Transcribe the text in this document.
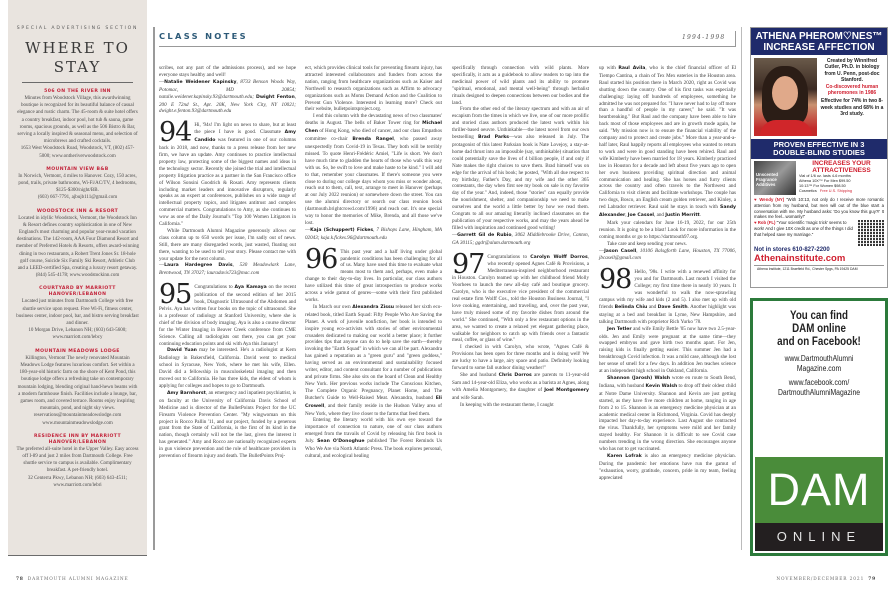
SPECIAL ADVERTISING SECTION
WHERE TO
STAY
506 ON THE RIVER INN
Minutes from Woodstock Village, this awardwinning boutique is recognized for its beautiful balance of casual elegance and rustic charm. The 45-room & suite hotel offers a country breakfast, indoor pool, hot tub & sauna, game rooms, spacious grounds, as well as the 506 Bistro & Bar, serving a locally inspired & seasonal menu, and selection of microbrews and crafted cocktails.
1653 West Woodstock Road, Woodstock, VT, (802) 457-5000; www.ontheriverwoodstock.com
MOUNTAIN VIEW B&B
In Norwich, Vermont, 4 miles to Hanover. Cozy, 150 acres, pond, trails, private bathrooms, Wi-Fi/AC/TV, 4 bedrooms, $125-$300/night/BB.
(603) 667-7791, ajbujb111@gmail.com
WOODSTOCK INN & RESORT
Located in idyllic Woodstock, Vermont, the Woodstock Inn & Resort defines country sophistication in one of New England's most charming and popular year-round vacation destinations. The 142-room, AAA Four Diamond Resort and member of Preferred Hotels & Resorts, offers award-winning dining in two restaurants, a Robert Trent Jones Sr. 18-hole golf course, Suicide Six Family Ski Resort, Athletic Club and a LEED-certified Spa, creating a luxury resort getaway.
(844) 545-4178; www.woodstockinn.com
COURTYARD BY MARRIOTT HANOVER/LEBANON
Located just minutes from Dartmouth College with free shuttle service upon request. Free Wi-Fi, fitness center, business center, indoor pool, bar, and bistro serving breakfast and dinner.
10 Morgan Drive, Lebanon NH; (603) 643-5600; www.marriott.com/lebcy
MOUNTAIN MEADOWS LODGE
Killington, Vermont The newly renovated Mountain Meadows Lodge features luxurious comfort. Set within a 180-year-old historic farm on the shore of Kent Pond, this boutique lodge offers a refreshing take on contemporary mountain lodging, blending original hand-hewn beams with a modern farmhouse finish. Facilities include a lounge, bar, games room, and covered terrace. Rooms enjoy inspiring mountain, pond, and night sky views.
reservations@mountainmeadowslodge.com www.mountainmeadowslodge.com
RESIDENCE INN BY MARRIOTT HANOVER/LEBANON
The preferred all-suite hotel in the Upper Valley. Easy access off I-89 and just 2 miles from Dartmouth College. Free shuttle service to campus is available. Complimentary breakfast. A pet-friendly hotel.
32 Centerra Pkwy, Lebanon NH; (603) 643-4511; www.marriott.com/lebri
78 DARTMOUTH ALUMNI MAGAZINE	NOVEMBER/DECEMBER 2021 79
CLASS NOTES	1994-1998

scribes, not any part of the admissions process), and we hope everyone stays healthy and well!

—Natalie Weidener Kapinsky, 8733 Benson Woods Way, Potomac, MD 20854; natalie.weidener.kapinsky.93@dartmouth.edu; Dwight Fenton, 200 E 72nd St., Apt. 20K, New York City, NY 10021; dwight.e.fenton.93@dartmouth.edu

94 Hi, '94s! I'm light on news to share, but at least the piece I have is good. Classmate Amy Candido was featured in one of our columns back in 2018, and now, thanks to a press release from her new firm, we have an update. Amy continues to practice intellectual property law, protecting some of the biggest names and ideas in the technology sector. Recently she joined the trial and intellectual property litigation practice as a partner in the San Francisco office of Wilson Sonsini Goodrich & Rosati. Amy represents clients including market leaders and innovative disruptors, regularly speaks as an expert at conferences, publishes on a wide range of intellectual property topics, and litigates antitrust and complex commercial matters. Congratulations to Amy, as she continues to wow as one of the Daily Journal's "Top 100 Women Litigators in California."

While Dartmouth Alumni Magazine generously allows our class column up to 650 words per issue, I'm sadly out of news. Still, there are many disregarded words, just wasted, floating out there, wanting to be used to tell your story. Please contact me with your update for the next column.

—Laura Hardegree Davis, 530 Meadowlark Lane, Brentwood, TN 37027; lauradavis723@mac.com

95 Congratulations to Aya Kamaya on the recent publication of the second edition of her 2015 book, Diagnostic Ultrasound of the Abdomen and Pelvis. Aya has written four books on the topic of ultrasound. She is a professor of radiology at Stanford University, where she is chief of the division of body imaging. Aya is also a course director for the Winter Imaging in Beaver Creek conference from CME Science. Calling all radiologists out there, you can get your continuing education points and ski with Aya this January!

David Yuan may be interested. He's a radiologist at Kern Radiology in Bakersfield, California. David went to medical school in Syracuse, New York, where he met his wife, Ellen. David did a fellowship in musculoskeletal imaging and then moved out to California. He has three kids, the eldest of whom is applying for colleges and hopes to go to Dartmouth.

Amy Barnhorst, an emergency and inpatient psychiatrist, is on faculty at the University of California Davis School of Medicine and is director of the BulletPoints Project for the UC Firearm Violence Prevention Center. "My wingwoman on this project is Rocco Pallin '11, and our project, funded by a generous grant from the State of California, is the first of its kind in the nation, though certainly will not be the last, given the interest it has generated." Amy and Rocco are nationally recognized experts in gun violence prevention and the role of healthcare providers in prevention of firearm injury and death. The BulletPoints Proj-

ect, which provides clinical tools for preventing firearm injury, has attracted interested collaborators and funders from across the nation, ranging from healthcare organizations such as Kaiser and Northwell to research organizations such as Affirm to advocacy organizations such as Moms Demand Action and the Coalition to Prevent Gun Violence. Interested in learning more? Check out their website, bulletpointsproject.org.

I end this column with the devastating news of two classmates' deaths in August. The bells of Baker Tower ring for Michael Chen of Hong Kong, who died of cancer, and our class Empathos committee co-chair Brenda Rangel, who passed away unexpectedly from Covid-19 in Texas. They both will be terribly missed. To quote Henri-Frédéric Amiel, "Life is short. We don't have much time to gladden the hearts of those who walk this way with us. So, be swift to love and make haste to be kind." I will add to that, remember your classmates. If there's someone you were close to during our college days whom you miss or wonder about, reach out to them, call, text, arrange to meet in Hanover (perhaps at our July 2022 reunion) or somewhere down the street. You can use the alumni directory or search our class reunion book (dartmouth.brightcrowd.com/1996) and reach out. It's one special way to honor the memories of Mike, Brenda, and all those we've lost.

—Kaja (Schuppert) Fickes, 7 Bishops Lane, Hingham, MA 02043; kaja.k.fickes.96@dartmouth.edu

96 This past year and a half living under global pandemic conditions has been challenging for all of us. Many have used this time to evaluate what means most to them and, perhaps, even make a change to their day-to-day lives. In particular, our class authors have utilized this time of great introspection to produce works across a wide gamut of genres—some with their first published works.

In March our own Alexandra Zissu released her sixth eco-related book, titled Earth Squad: Fifty People Who Are Saving the Planet. A work of juvenile nonfiction, her book is intended to inspire young eco-activists with stories of other environmental crusaders dedicated to making our world a better place; it further provides tips that anyone can do to help save the earth—thereby invoking the "Earth Squad" in which we can all be part. Alexandra has gained a reputation as a "green guru" and "green goddess," having served as an environmental and sustainability focused writer, editor, and content consultant for a number of publications and private firms. She also sits on the board of Clean and Healthy New York. Her previous works include The Conscious Kitchen, The Complete Organic Pregnancy, Planet Home, and The Butcher's Guide to Well-Raised Meat. Alexandra, husband Eli Crowell, and their family reside in the Hudson Valley area of New York, where they live closer to the farms that feed them.

Entering the literary world with his own eye toward the importance of connection to nature, one of our class authors emerged from the travails of Covid by releasing his first book in July. Sean O'Donoghue published The Forest Reminds Us Who We Are via North Atlantic Press. The book explores personal, cultural, and ecological healing

specifically through connection with wild plants. More specifically, it acts as a guidebook to allow readers to tap into the medicinal power of wild plants and its ability to promote "spiritual, emotional, and mental well-being" through herbalist rituals designed to deepen connections between our bodies and the land.

From the other end of the literary spectrum and with an air of escapism from the times in which we live, one of our more prolific and storied class authors produced the latest work within his thriller-based oeuvre. Unthinkable—the latest novel from our own bestselling Brad Parks—was also released in July. The protagonist of this latest Parksian book is Nate Lovejoy, a stay-at-home dad thrust into an impossible (say, unthinkable) situation that could potentially save the lives of 4 billion people, if and only if Nate makes the right choices to save them. Brad himself was on edge for the arrival of his book; he posted, "With all due respect to my birthday, Father's Day, and my wife and the other 365 contestants, the day when first see my book on sale is my favorite day of the year." And, indeed, those "stories" can equally provide the nourishment, shelter, and companionship we need to make ourselves and the world a little better by how we read them. Congrats to all our amazing literarily inclined classmates on the publication of your respective works, and may the years ahead be filled with inspiration and continued good writing!

—Garrett Gil de Rubio, 3062 Middlebrooke Drive, Canton, GA 30115; ggdr@alum.dartmouth.org

97 Congratulations to Carolyn Wolff Dorros, who recently opened Agnes Café & Provisions, a Mediterranean-inspired neighborhood restaurant in Houston. Carolyn teamed up with her childhood friend Molly Voorhees to launch the new all-day café and boutique grocery. Carolyn, who is the executive vice president of the commercial real estate firm Wolff Cos., told the Houston Business Journal, "I love cooking, entertaining, and traveling, and, over the past year, have truly missed some of my favorite dishes from around the world." She continued, "With only a few restaurant options in the area, we wanted to create a relaxed yet elegant gathering place, walkable for neighbors to catch up with friends over a fantastic meal, coffee, or glass of wine."

I checked in with Carolyn, who wrote, "Agnes Café & Provisions has been open for three months and is doing well! We are lucky to have a large, airy space and patio. Definitely looking forward to some fall outdoor dining weather!"

She and husband Chris Dorros are parents to 11-year-old Sam and 14-year-old Eliza, who works as a barista at Agnes, along with Amelia Montgomery, the daughter of Joel Montgomery and wife Sarah.

In keeping with the restaurant theme, I caught

up with Raul Avila, who is the chief financial officer of El Tiempo Cantina, a chain of Tex Mex eateries in the Houston area. Raul started his position there in March 2020, right as Covid was shutting down the country. One of his first tasks was especially challenging: laying off hundreds of employees, something he admitted he was not prepared for. "I have never had to lay off more than a handful of people in my career," he said. "It was heartbreaking." But Raul and the company have been able to hire back most of those employees and are in growth mode again, he said. "My mission now is to ensure the financial viability of the company and to protect and create jobs." More than a year-and-a-half later, Raul happily reports all employees who wanted to return to work and were in good standing have been rehired. Raul and wife Kimberly have been married for 18 years. Kimberly practiced law in Houston for a decade and left about five years ago to open her own business providing spiritual direction and animal communication and healing. She has horses and furry clients across the country and often travels to the Northwest and California to visit clients and facilitate workshops. The couple has two dogs, Bosco, an English cream golden retriever, and Kinley, a red Labrador retriever. Raul said he stays in touch with Sandy Alexander, Joe Cassel, and Justin Merritt.

Mark your calendars for June 16-19, 2022, for our 25th reunion. It is going to be a blast! Look for more information in the coming months or go to https://dartmouth97.org.

Take care and keep sending your news.

—Jason Casell, 10106 Balsgforth Lane, Houston, TX 77006, jbcasell@gmail.com

98 Hello, '98s. I write with a renewed affinity for you and for Dartmouth. Last month I visited the College; my first time there in nearly 10 years. It was wonderful to walk the now-sprawling campus with my wife and kids (2 and 5). I also met up with old friends Belinda Chiu and Dave Smith. Another highlight was staying at a bed and breakfast in Lyme, New Hampshire, and talking Dartmouth with proprietor Rich Yurko '78.

Jen Tetler and wife Emily Bettle '05 now have two 2.5-year-olds. Jen and Emily were pregnant at the same time—they swapped embryos and gave birth two months apart. For Jen, raising kids is finally getting easier. This summer Jen had a breakthrough Covid infection. It was a mild case, although she lost her sense of smell for a few days. In addition Jen teaches science at an independent high school in Oakland, California.

Shannon (Jarosh) Walsh wrote en route to South Bend, Indiana, with husband Kevin Walsh to drop off their oldest child at Notre Dame University. Shannon and Kevin are just getting started, as they have five more children at home, ranging in age from 2 to 15. Shannon is an emergency medicine physician at an academic medical center in Richmond, Virginia. Covid has deeply impacted her day-to-day experience. Last August she contracted the virus. Thankfully, her symptoms were mild and her family stayed healthy. For Shannon it is difficult to see Covid case numbers trending in the wrong direction. She encourages anyone who has not to get vaccinated.

Karen Lofrak is also an emergency medicine physician. During the pandemic her emotions have run the gamut of "exhaustion, worry, gratitude, concern, pride in my team, feeling appreciated

ATHENA PHEROM♡NES™
INCREASE AFFECTION
Created by Winnifred Cutler, Ph.D. in biology from U. Penn, post-doc Stanford.
Co-discovered human pheromones in 1986
Effective for 74% in two 8-week studies and 68% in a 3rd study.
PROVEN EFFECTIVE IN 3
DOUBLE-BLIND STUDIES
Unscented Fragrance Additives
INCREASES YOUR ATTRACTIVENESS
Vial of 1/6 oz. lasts 4-6 months
Athena 10X™ For Men $99.50
10:13™ For Women $98.50
Cosmetics Free U.S. Shipping
♥ Wendy (NY) "With 10:13, not only do I receive more romantic attention from my husband, but men will out of the blue start a conversation with me. My husband asks: 'Do you know this guy?!' It makes me feel...womanly!"
♥ Rob (FL) "Your scientific 'magic trick' seems to work! And I give 10X credit as one of the things I did that helped save my marriage."
Not in stores 610-827-2200
Athenainstitute.com
Athena Institute, 1211 Braefield Rd., Chester Spgs, PA 19425 DAM
You can find
DAM online
and on Facebook!
www.DartmouthAlumni
Magazine.com
www.facebook.com/
DartmouthAlumniMagazine
DAM
ONLINE
